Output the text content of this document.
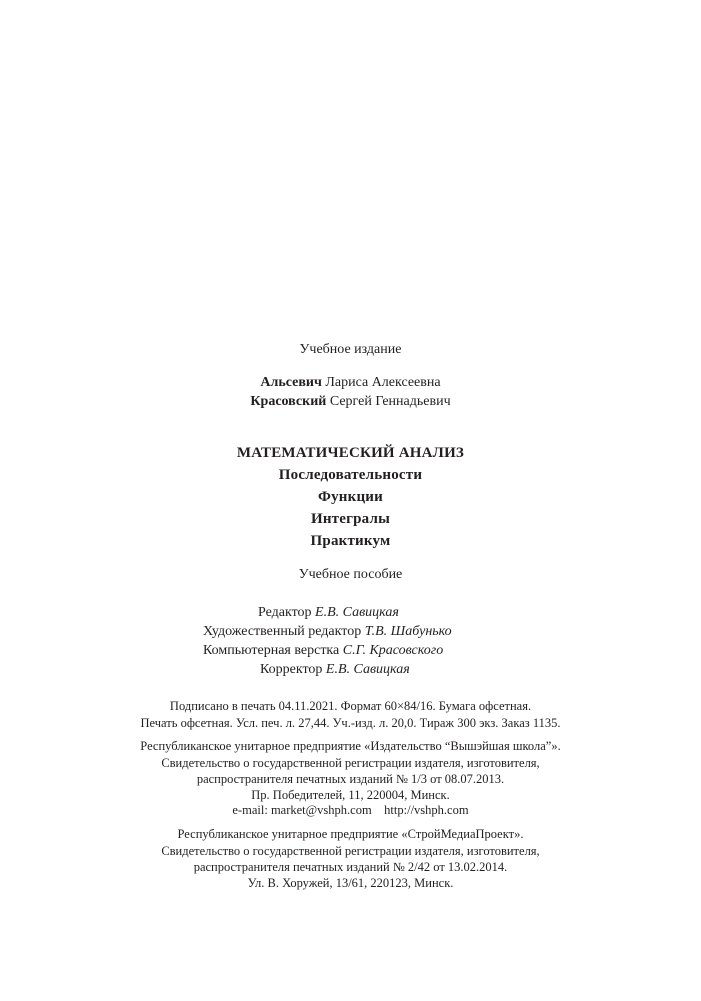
Учебное издание
Альсевич Лариса Алексеевна
Красовский Сергей Геннадьевич
МАТЕМАТИЧЕСКИЙ АНАЛИЗ
Последовательности
Функции
Интегралы
Практикум
Учебное пособие
Редактор Е.В. Савицкая
Художественный редактор Т.В. Шабунько
Компьютерная верстка С.Г. Красовского
Корректор Е.В. Савицкая
Подписано в печать 04.11.2021. Формат 60×84/16. Бумага офсетная.
Печать офсетная. Усл. печ. л. 27,44. Уч.-изд. л. 20,0. Тираж 300 экз. Заказ 1135.
Республиканское унитарное предприятие «Издательство “Вышэйшая школа”».
Свидетельство о государственной регистрации издателя, изготовителя,
распространителя печатных изданий № 1/3 от 08.07.2013.
Пр. Победителей, 11, 220004, Минск.
e-mail: market@vshph.com    http://vshph.com
Республиканское унитарное предприятие «СтройМедиаПроект».
Свидетельство о государственной регистрации издателя, изготовителя,
распространителя печатных изданий № 2/42 от 13.02.2014.
Ул. В. Хоружей, 13/61, 220123, Минск.
